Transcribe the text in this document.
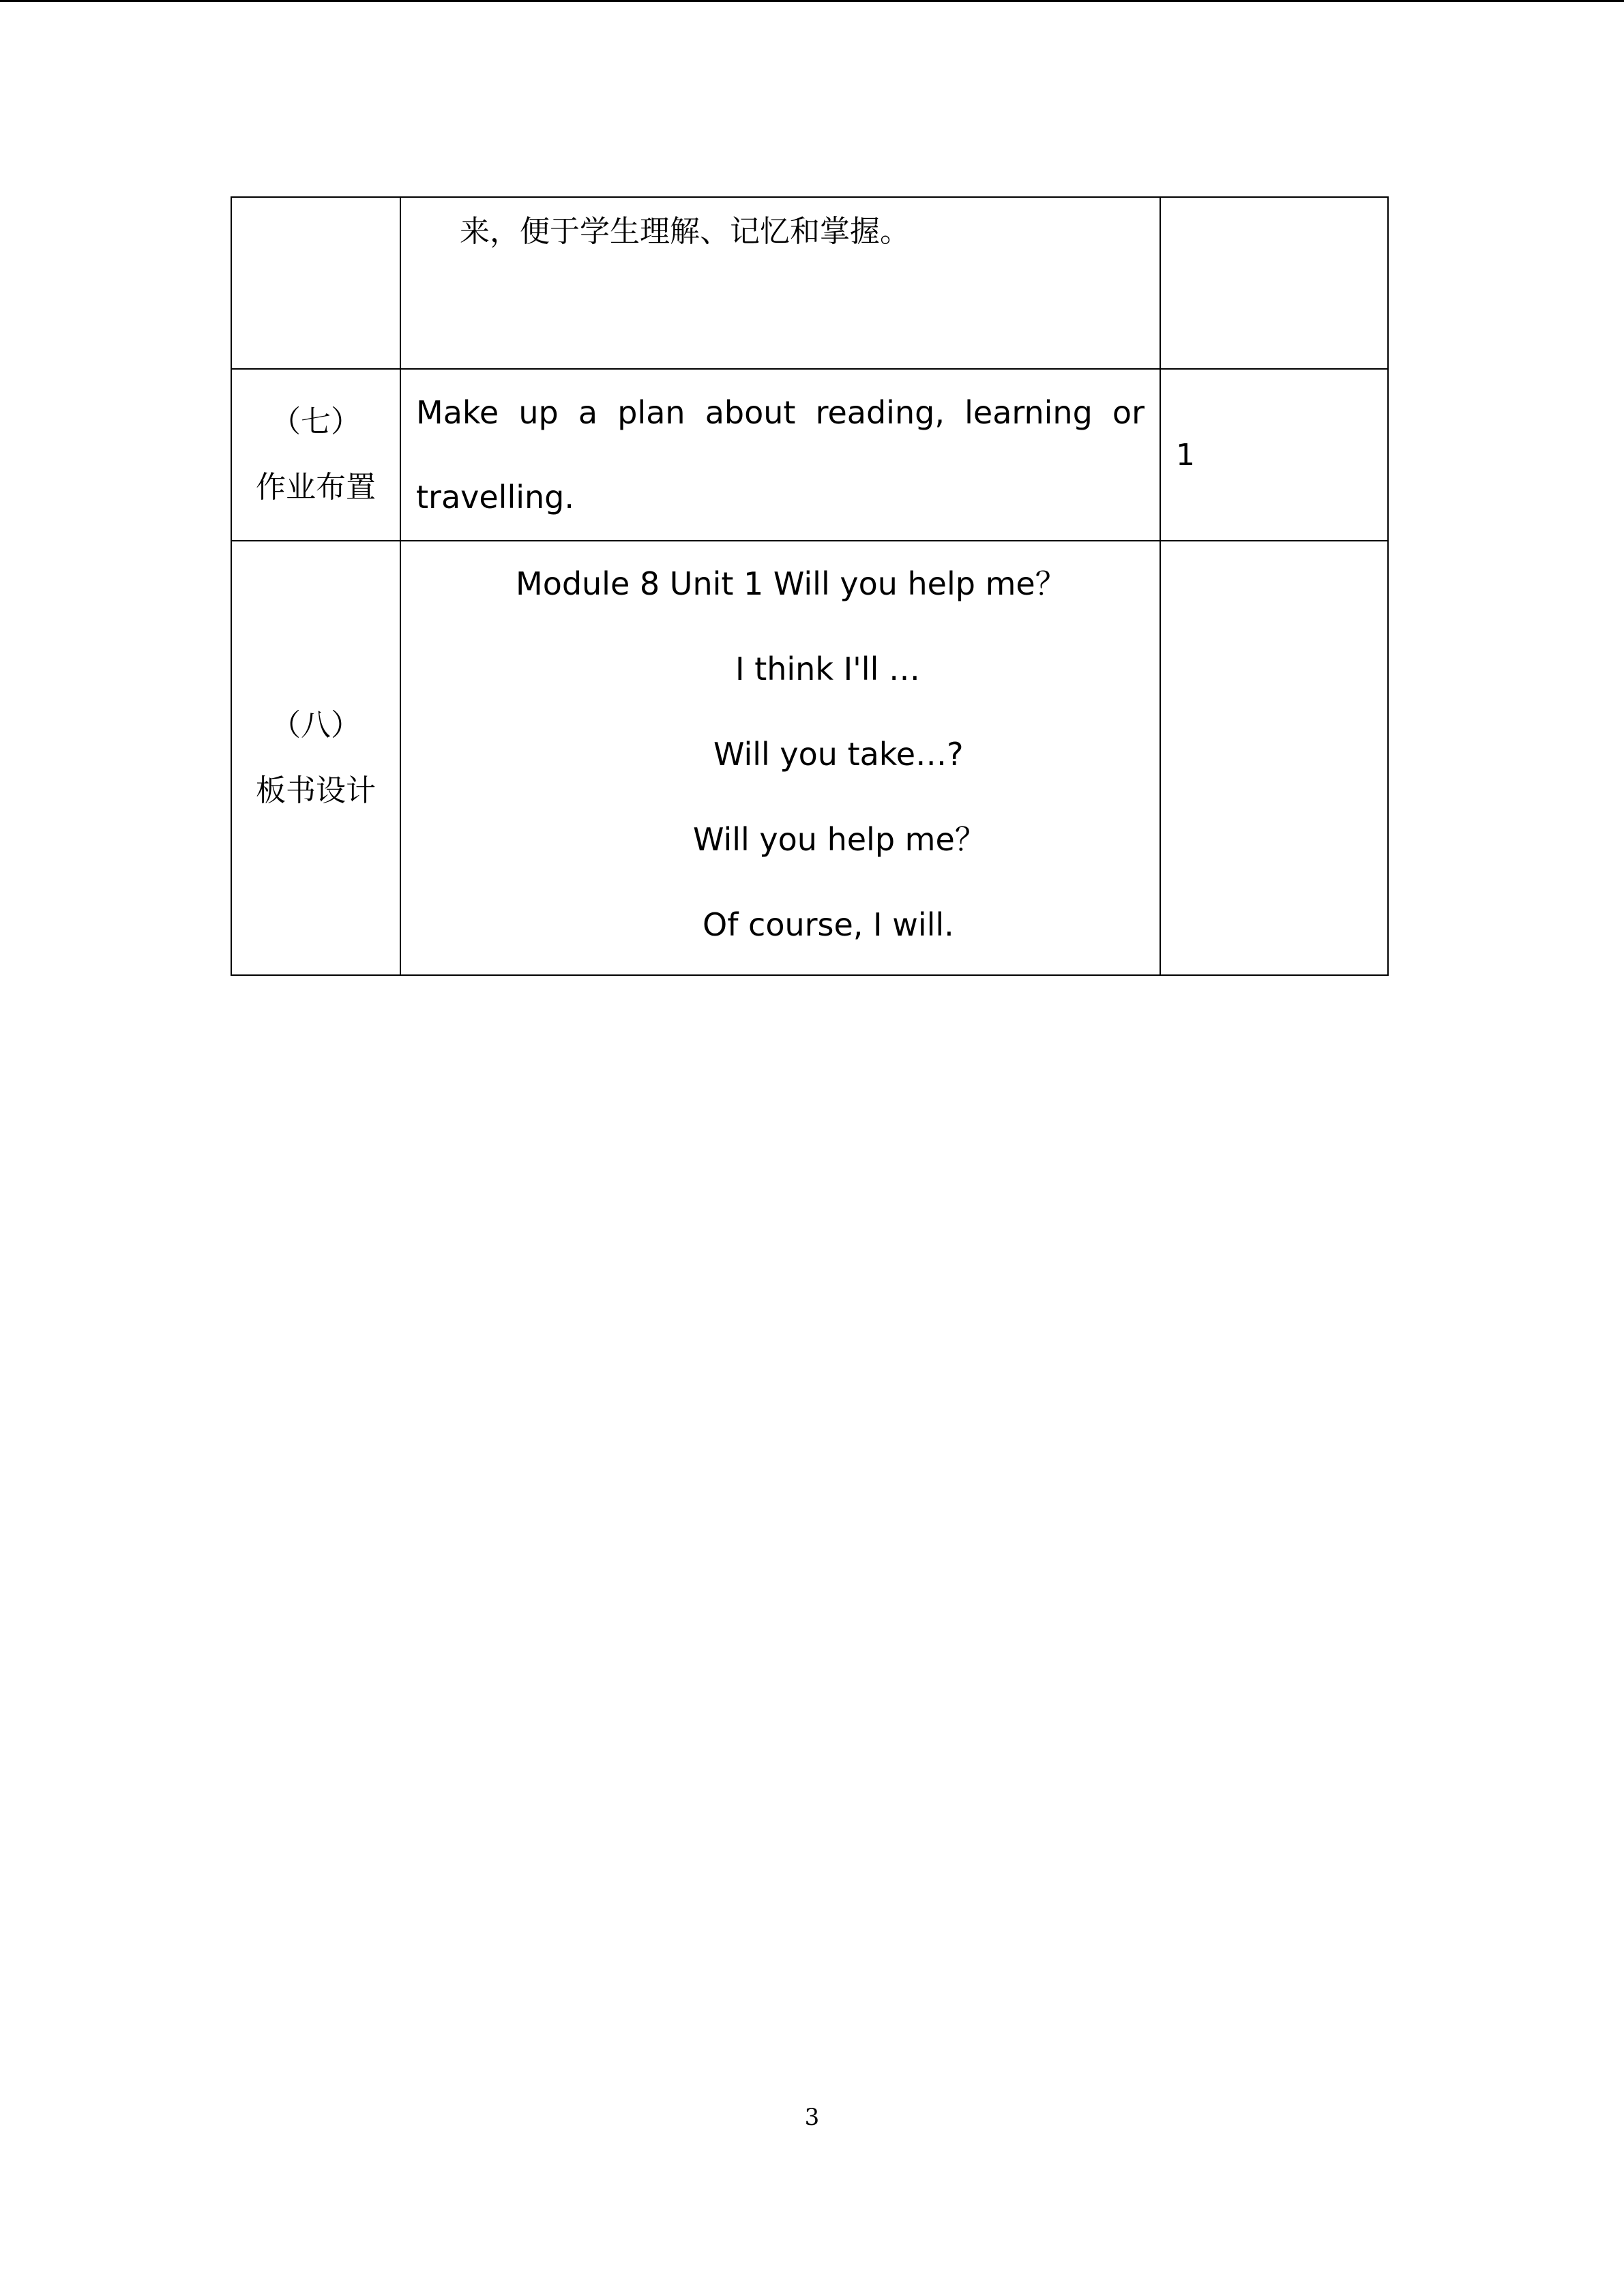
	来，便于学生理解、记忆和掌握。	

（七）
作业布置	Make up a plan about reading, learning or
travelling.	1

（八）
板书设计	Module 8 Unit 1 Will you help me？
I think I'll …
Will you take…?
Will you help me？
Of course, I will.	

3
